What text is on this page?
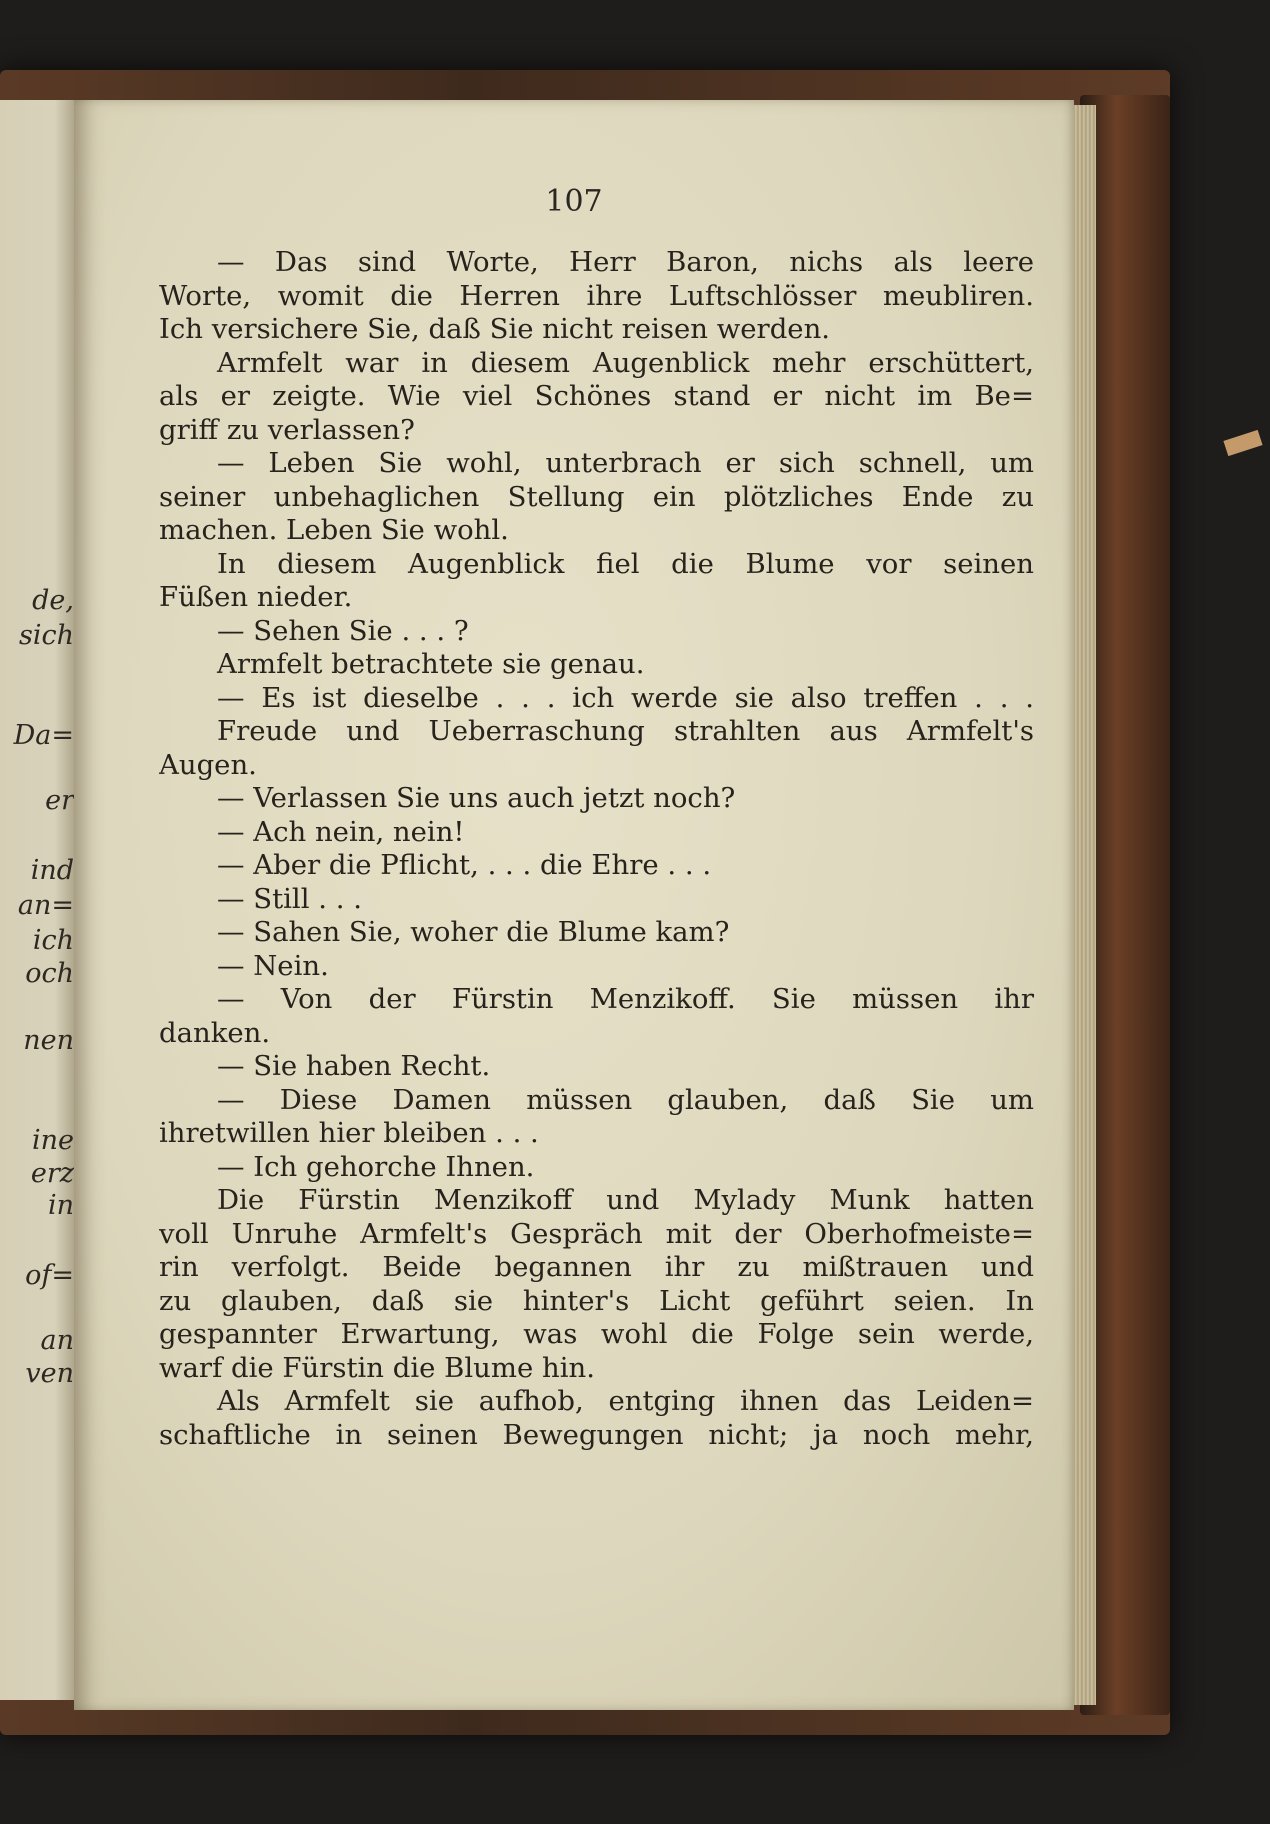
de,
sich
Da=
er
ind
an=
ich
och
nen
ine
erz
in
of=
an
ven
107
— Das sind Worte, Herr Baron, nichs als leere
Worte, womit die Herren ihre Luftschlösser meubliren.
Ich versichere Sie, daß Sie nicht reisen werden.
Armfelt war in diesem Augenblick mehr erschüttert,
als er zeigte. Wie viel Schönes stand er nicht im Be=
griff zu verlassen?
— Leben Sie wohl, unterbrach er sich schnell, um
seiner unbehaglichen Stellung ein plötzliches Ende zu
machen. Leben Sie wohl.
In diesem Augenblick fiel die Blume vor seinen
Füßen nieder.
— Sehen Sie . . . ?
Armfelt betrachtete sie genau.
— Es ist dieselbe . . . ich werde sie also treffen . . .
Freude und Ueberraschung strahlten aus Armfelt's
Augen.
— Verlassen Sie uns auch jetzt noch?
— Ach nein, nein!
— Aber die Pflicht, . . . die Ehre . . .
— Still . . .
— Sahen Sie, woher die Blume kam?
— Nein.
— Von der Fürstin Menzikoff. Sie müssen ihr
danken.
— Sie haben Recht.
— Diese Damen müssen glauben, daß Sie um
ihretwillen hier bleiben . . .
— Ich gehorche Ihnen.
Die Fürstin Menzikoff und Mylady Munk hatten
voll Unruhe Armfelt's Gespräch mit der Oberhofmeiste=
rin verfolgt. Beide begannen ihr zu mißtrauen und
zu glauben, daß sie hinter's Licht geführt seien. In
gespannter Erwartung, was wohl die Folge sein werde,
warf die Fürstin die Blume hin.
Als Armfelt sie aufhob, entging ihnen das Leiden=
schaftliche in seinen Bewegungen nicht; ja noch mehr,
